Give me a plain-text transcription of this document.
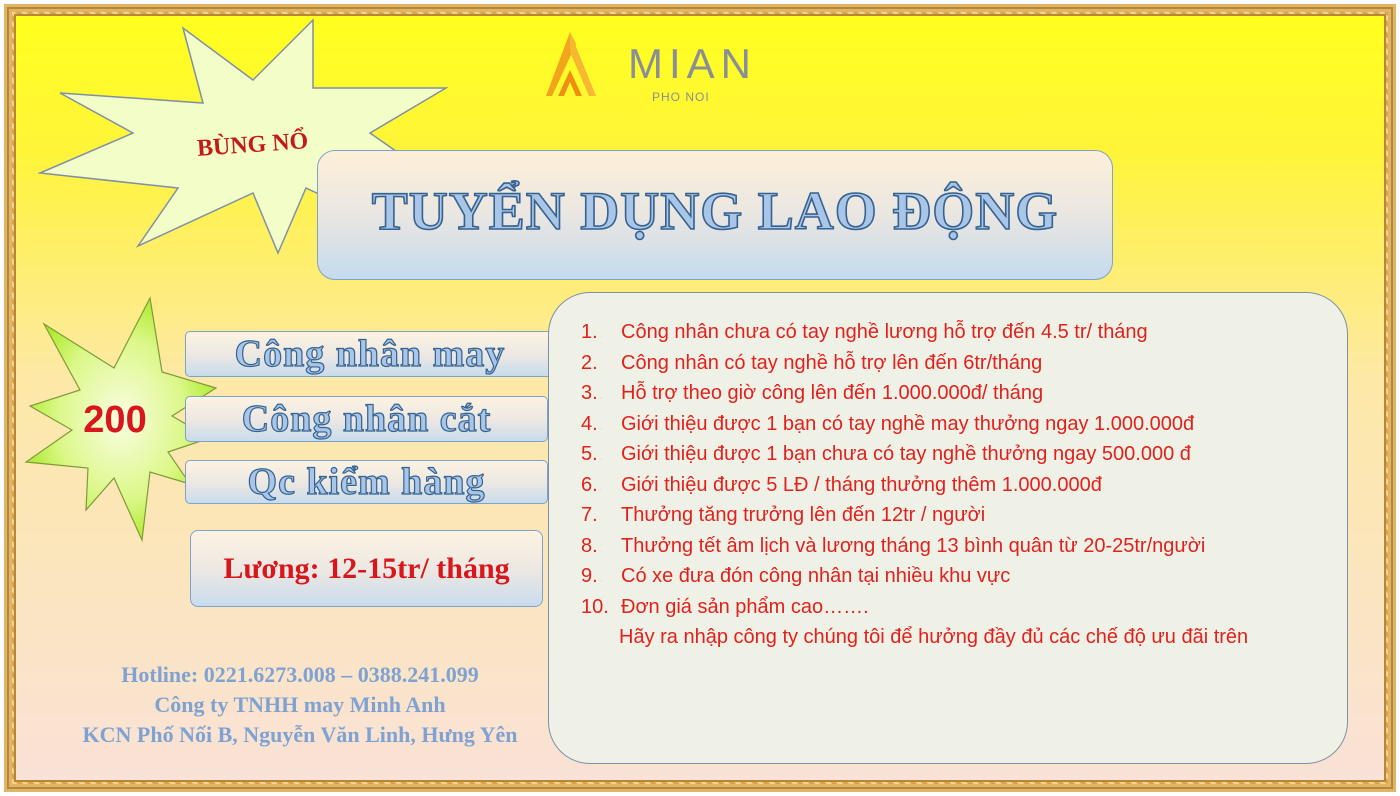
BÙNG NỔ
MIAN
PHO NOI
TUYỂN DỤNG LAO ĐỘNG
200
Công nhân may
Công nhân cắt
Qc kiểm hàng
Lương: 12-15tr/ tháng
Hotline: 0221.6273.008 – 0388.241.099
Công ty TNHH may Minh Anh
KCN Phố Nối B, Nguyễn Văn Linh, Hưng Yên
1.	Công nhân chưa có tay nghề lương hỗ trợ đến 4.5 tr/ tháng
2.	Công nhân có tay nghề hỗ trợ lên đến 6tr/tháng
3.	Hỗ trợ theo giờ công lên đến 1.000.000đ/ tháng
4.	Giới thiệu được 1 bạn có tay nghề may thưởng ngay 1.000.000đ
5.	Giới thiệu được 1 bạn chưa có tay nghề thưởng ngay 500.000 đ
6.	Giới thiệu được 5 LĐ / tháng thưởng thêm 1.000.000đ
7.	Thưởng tăng trưởng lên đến 12tr / người
8.	Thưởng tết âm lịch và lương tháng 13 bình quân từ 20-25tr/người
9.	Có xe đưa đón công nhân tại nhiều khu vực
10. Đơn giá sản phẩm cao…….

Hãy ra nhập công ty chúng tôi để hưởng đầy đủ các chế độ ưu đãi trên
